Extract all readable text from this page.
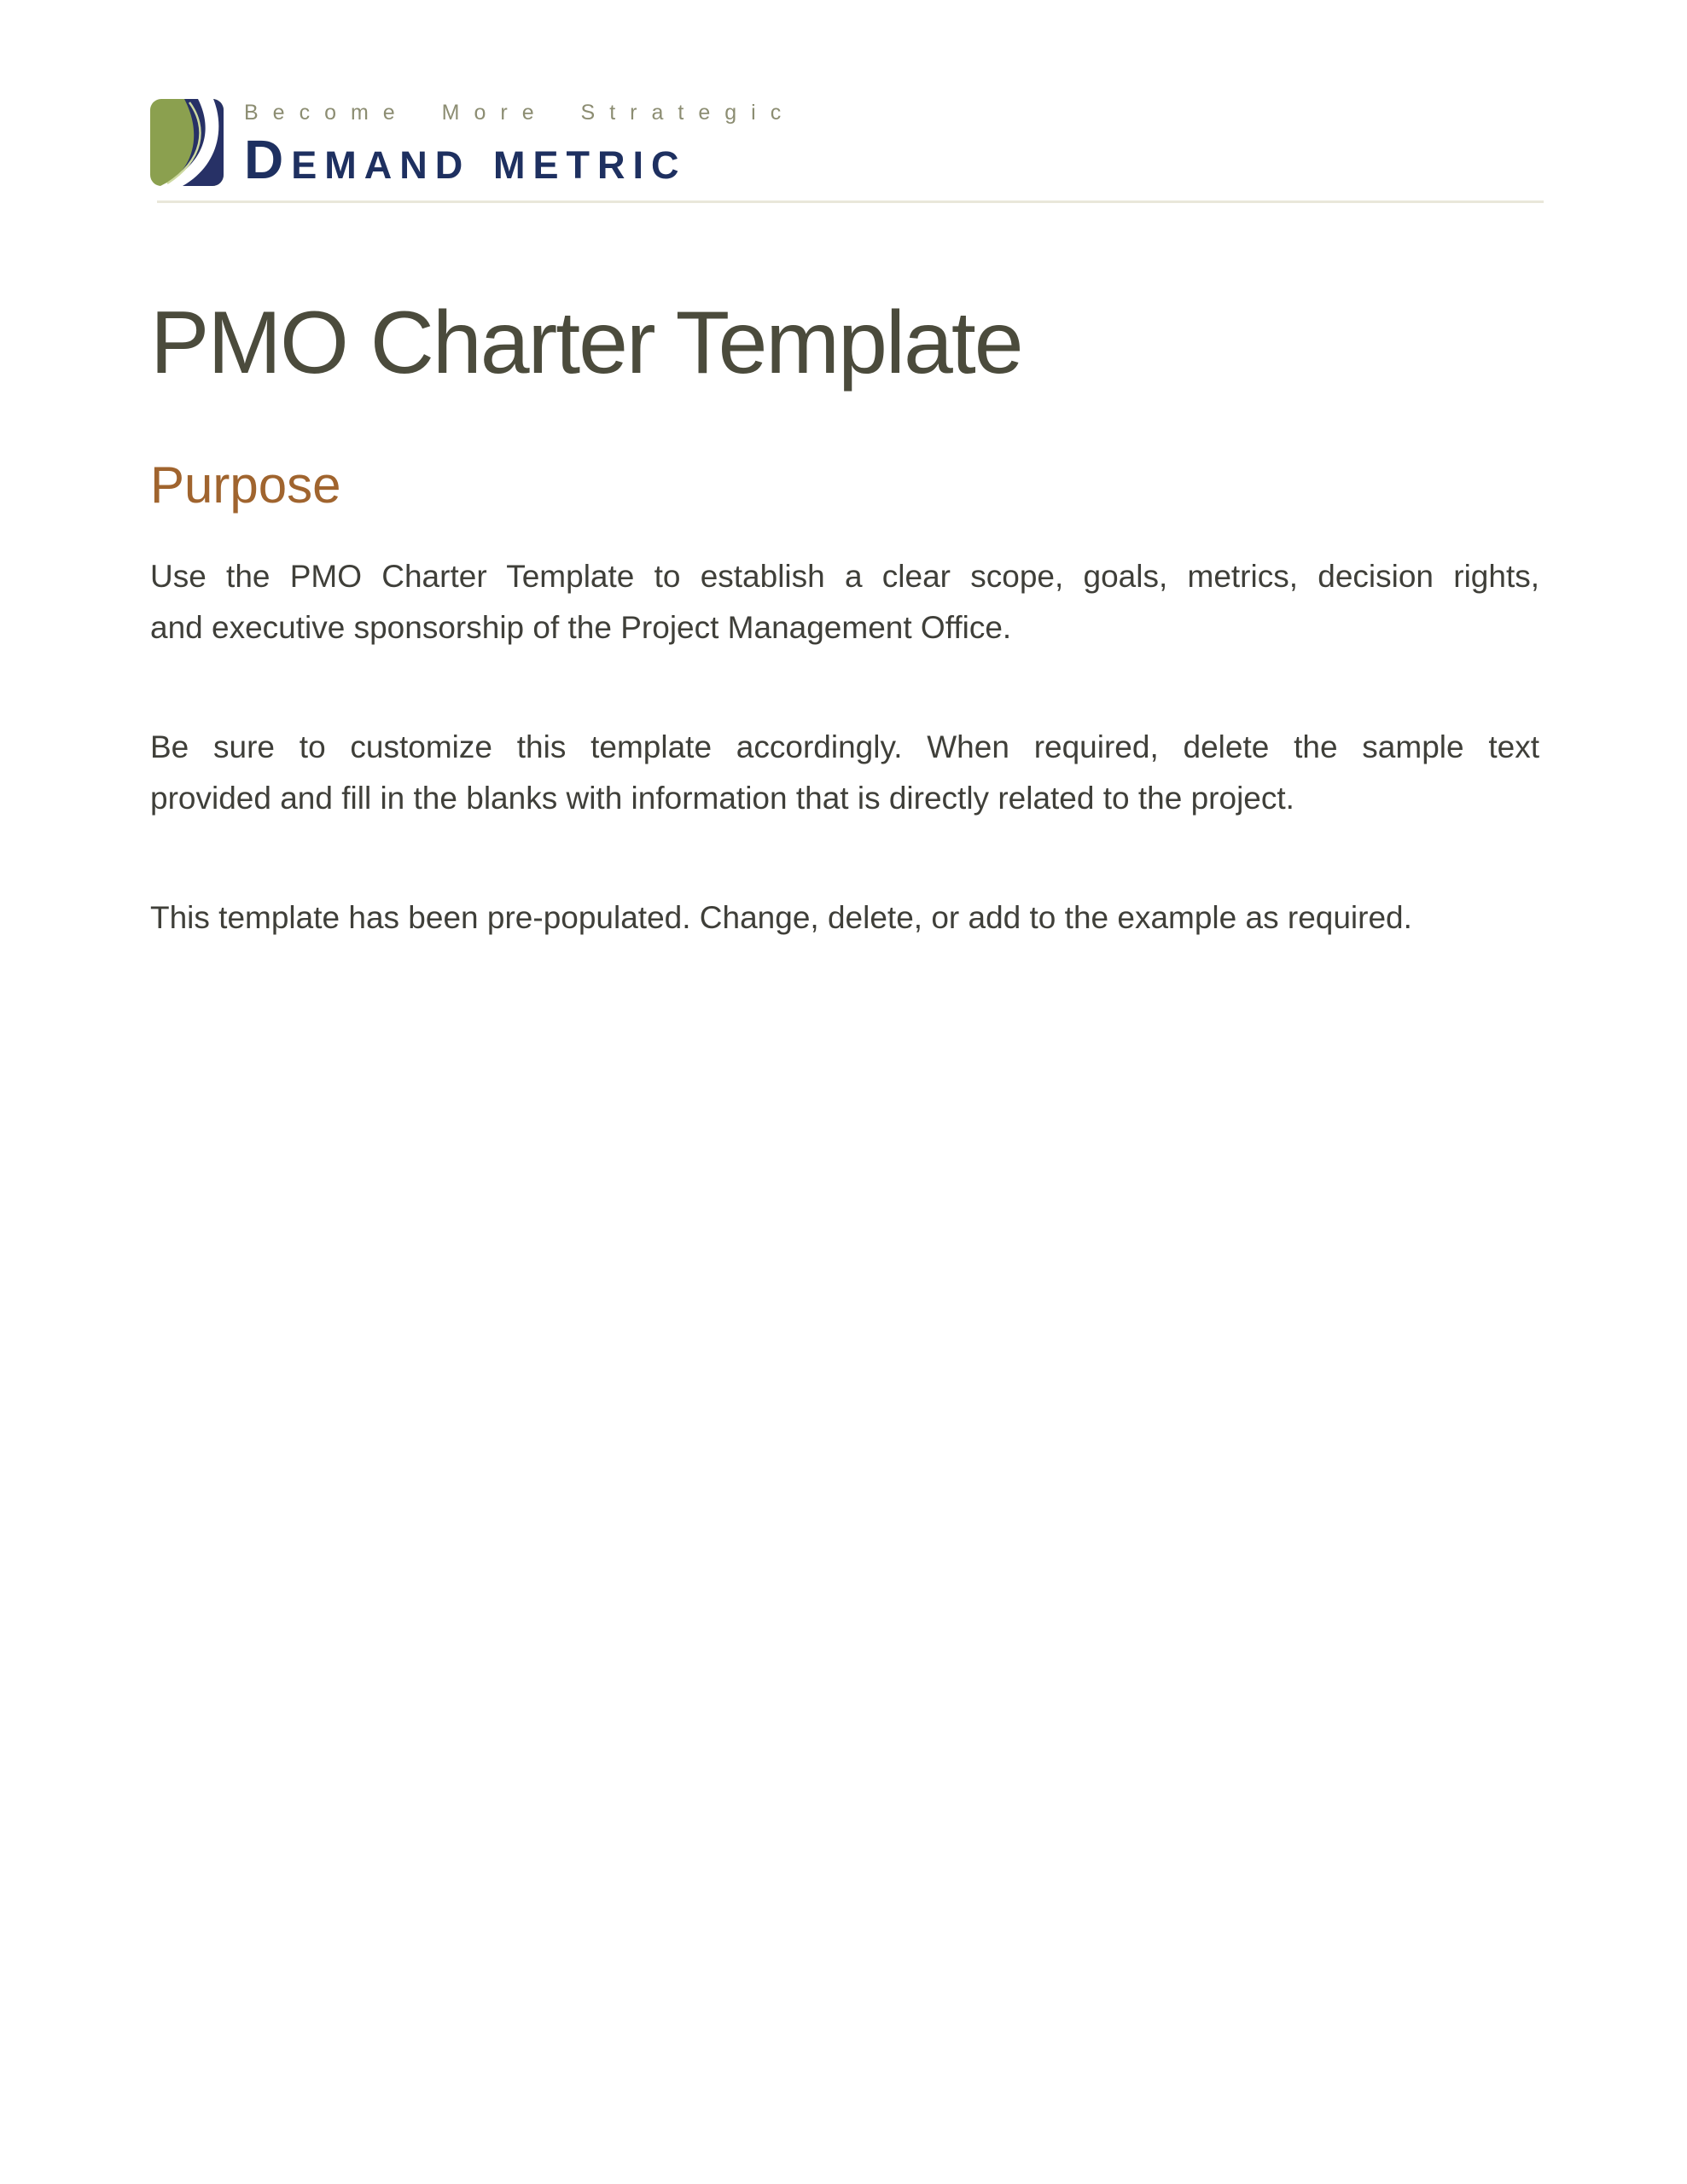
Become More Strategic
Demand metric
PMO Charter Template
Purpose

Use the PMO Charter Template to establish a clear scope, goals, metrics, decision rights,
and executive sponsorship of the Project Management Office.

Be sure to customize this template accordingly. When required, delete the sample text
provided and fill in the blanks with information that is directly related to the project.

This template has been pre-populated. Change, delete, or add to the example as required.
